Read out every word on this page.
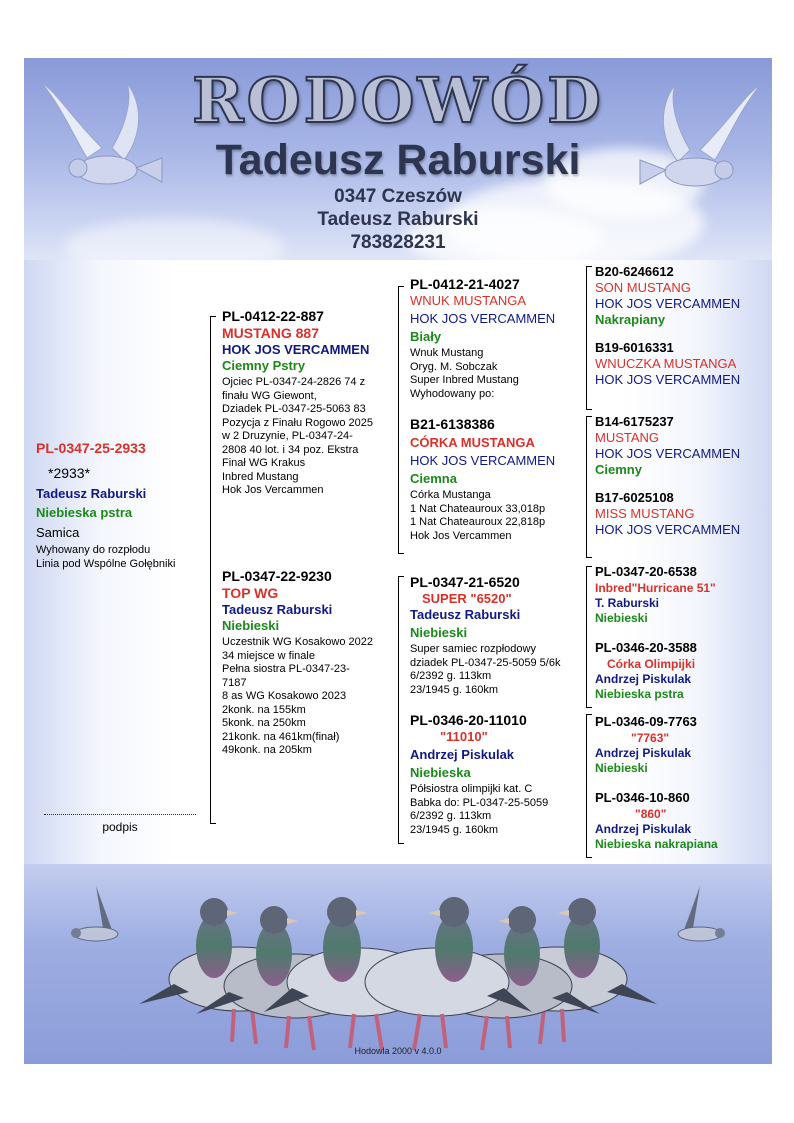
RODOWÓD
Tadeusz Raburski
0347 Czeszów
Tadeusz Raburski
783828231
PL-0347-25-2933
*2933*
Tadeusz Raburski
Niebieska pstra
Samica
Wyhowany do rozpłodu
Linia pod Wspólne Gołębniki
podpis
PL-0412-22-887
MUSTANG 887
HOK JOS VERCAMMEN
Ciemny Pstry
Ojciec PL-0347-24-2826 74 z
finału WG Giewont,
Dziadek PL-0347-25-5063 83
Pozycja z Finału Rogowo 2025
w 2 Druzynie, PL-0347-24-
2808 40 lot. i 34 poz. Ekstra
Finał WG Krakus
Inbred Mustang
Hok Jos Vercammen
PL-0347-22-9230
TOP WG
Tadeusz Raburski
Niebieski
Uczestnik WG Kosakowo 2022
34 miejsce w finale
Pełna siostra PL-0347-23-
7187
8 as WG Kosakowo 2023
2konk. na 155km
5konk. na 250km
21konk. na 461km(finał)
49konk. na 205km
PL-0412-21-4027
WNUK MUSTANGA
HOK JOS VERCAMMEN
Biały
Wnuk Mustang
Oryg. M. Sobczak
Super Inbred Mustang
Wyhodowany po:
B21-6138386
CÓRKA MUSTANGA
HOK JOS VERCAMMEN
Ciemna
Córka Mustanga
1 Nat Chateauroux 33,018p
1 Nat Chateauroux 22,818p
Hok Jos Vercammen
PL-0347-21-6520
SUPER "6520"
Tadeusz Raburski
Niebieski
Super samiec rozpłodowy
dziadek PL-0347-25-5059 5/6k
6/2392 g. 113km
23/1945 g. 160km
PL-0346-20-11010
"11010"
Andrzej Piskulak
Niebieska
Półsiostra olimpijki kat. C
Babka do: PL-0347-25-5059
6/2392 g. 113km
23/1945 g. 160km
B20-6246612
SON MUSTANG
HOK JOS VERCAMMEN
Nakrapiany
B19-6016331
WNUCZKA MUSTANGA
HOK JOS VERCAMMEN
B14-6175237
MUSTANG
HOK JOS VERCAMMEN
Ciemny
B17-6025108
MISS MUSTANG
HOK JOS VERCAMMEN
PL-0347-20-6538
Inbred"Hurricane 51"
T. Raburski
Niebieski
PL-0346-20-3588
Córka Olimpijki
Andrzej Piskulak
Niebieska pstra
PL-0346-09-7763
"7763"
Andrzej Piskulak
Niebieski
PL-0346-10-860
"860"
Andrzej Piskulak
Niebieska nakrapiana
Hodowla 2000 v 4.0.0
